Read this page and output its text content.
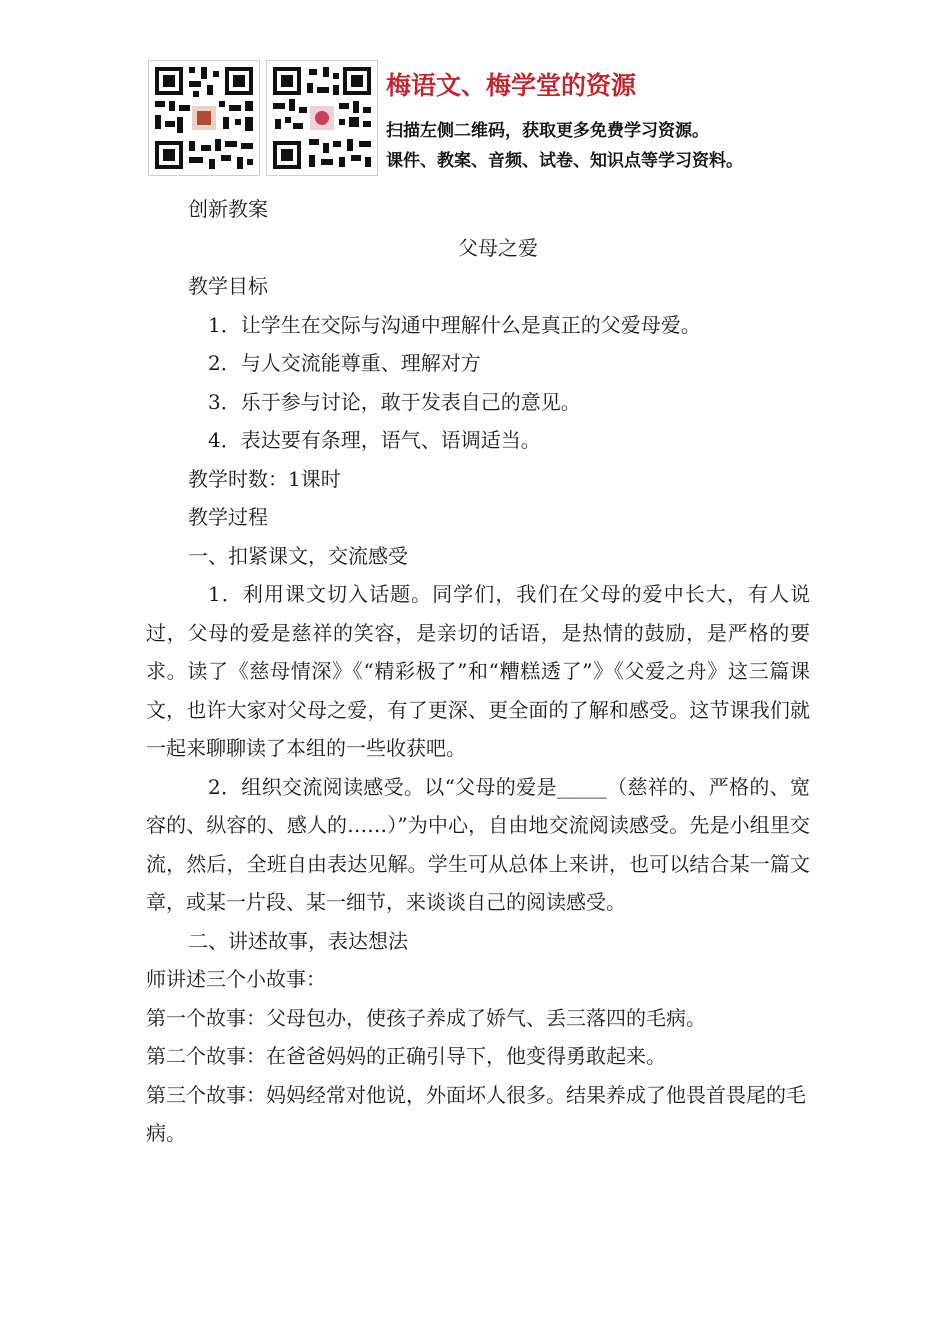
梅语文、梅学堂的资源
扫描左侧二维码，获取更多免费学习资源。
课件、教案、音频、试卷、知识点等学习资料。

创新教案

父母之爱

教学目标

1．让学生在交际与沟通中理解什么是真正的父爱母爱。

2．与人交流能尊重、理解对方

3．乐于参与讨论，敢于发表自己的意见。

4．表达要有条理，语气、语调适当。

教学时数：1课时

教学过程

一、扣紧课文，交流感受

1．利用课文切入话题。同学们，我们在父母的爱中长大，有人说过，父母的爱是慈祥的笑容，是亲切的话语，是热情的鼓励，是严格的要求。读了《慈母情深》《“精彩极了”和“糟糕透了”》《父爱之舟》这三篇课文，也许大家对父母之爱，有了更深、更全面的了解和感受。这节课我们就一起来聊聊读了本组的一些收获吧。

2．组织交流阅读感受。以“父母的爱是_____（慈祥的、严格的、宽容的、纵容的、感人的……）”为中心，自由地交流阅读感受。先是小组里交流，然后，全班自由表达见解。学生可从总体上来讲，也可以结合某一篇文章，或某一片段、某一细节，来谈谈自己的阅读感受。

二、讲述故事，表达想法

师讲述三个小故事：

第一个故事：父母包办，使孩子养成了娇气、丢三落四的毛病。

第二个故事：在爸爸妈妈的正确引导下，他变得勇敢起来。

第三个故事：妈妈经常对他说，外面坏人很多。结果养成了他畏首畏尾的毛病。
